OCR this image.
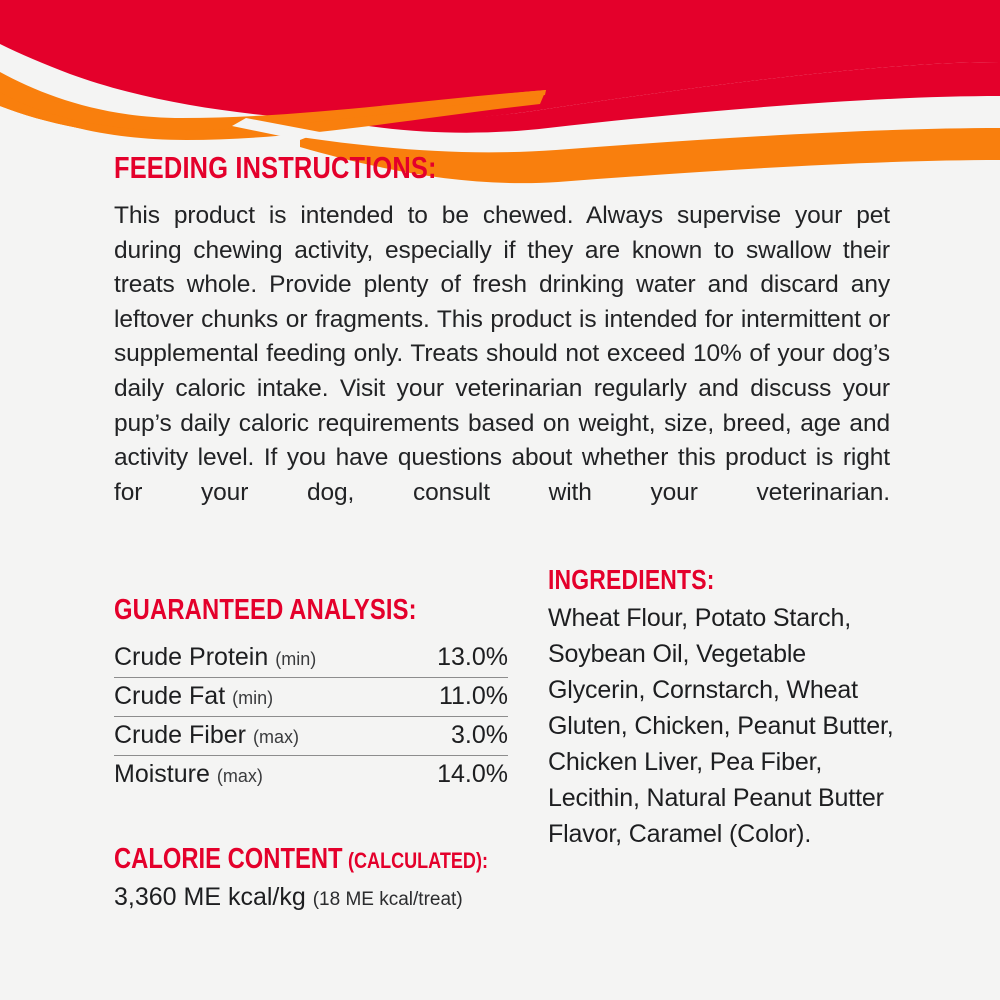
FEEDING INSTRUCTIONS:

This product is intended to be chewed. Always supervise your pet during chewing activity, especially if they are known to swallow their treats whole. Provide plenty of fresh drinking water and discard any leftover chunks or fragments. This product is intended for intermittent or supplemental feeding only. Treats should not exceed 10% of your dog’s daily caloric intake. Visit your veterinarian regularly and discuss your pup’s daily caloric requirements based on weight, size, breed, age and activity level. If you have questions about whether this product is right for your dog, consult with your veterinarian.

GUARANTEED ANALYSIS:
Crude Protein (min)	13.0%
Crude Fat (min)	11.0%
Crude Fiber (max)	3.0%
Moisture (max)	14.0%
CALORIE CONTENT (CALCULATED):

3,360 ME kcal/kg (18 ME kcal/treat)

INGREDIENTS:

Wheat Flour, Potato Starch, Soybean Oil, Vegetable Glycerin, Cornstarch, Wheat Gluten, Chicken, Peanut Butter, Chicken Liver, Pea Fiber, Lecithin, Natural Peanut Butter Flavor, Caramel (Color).
